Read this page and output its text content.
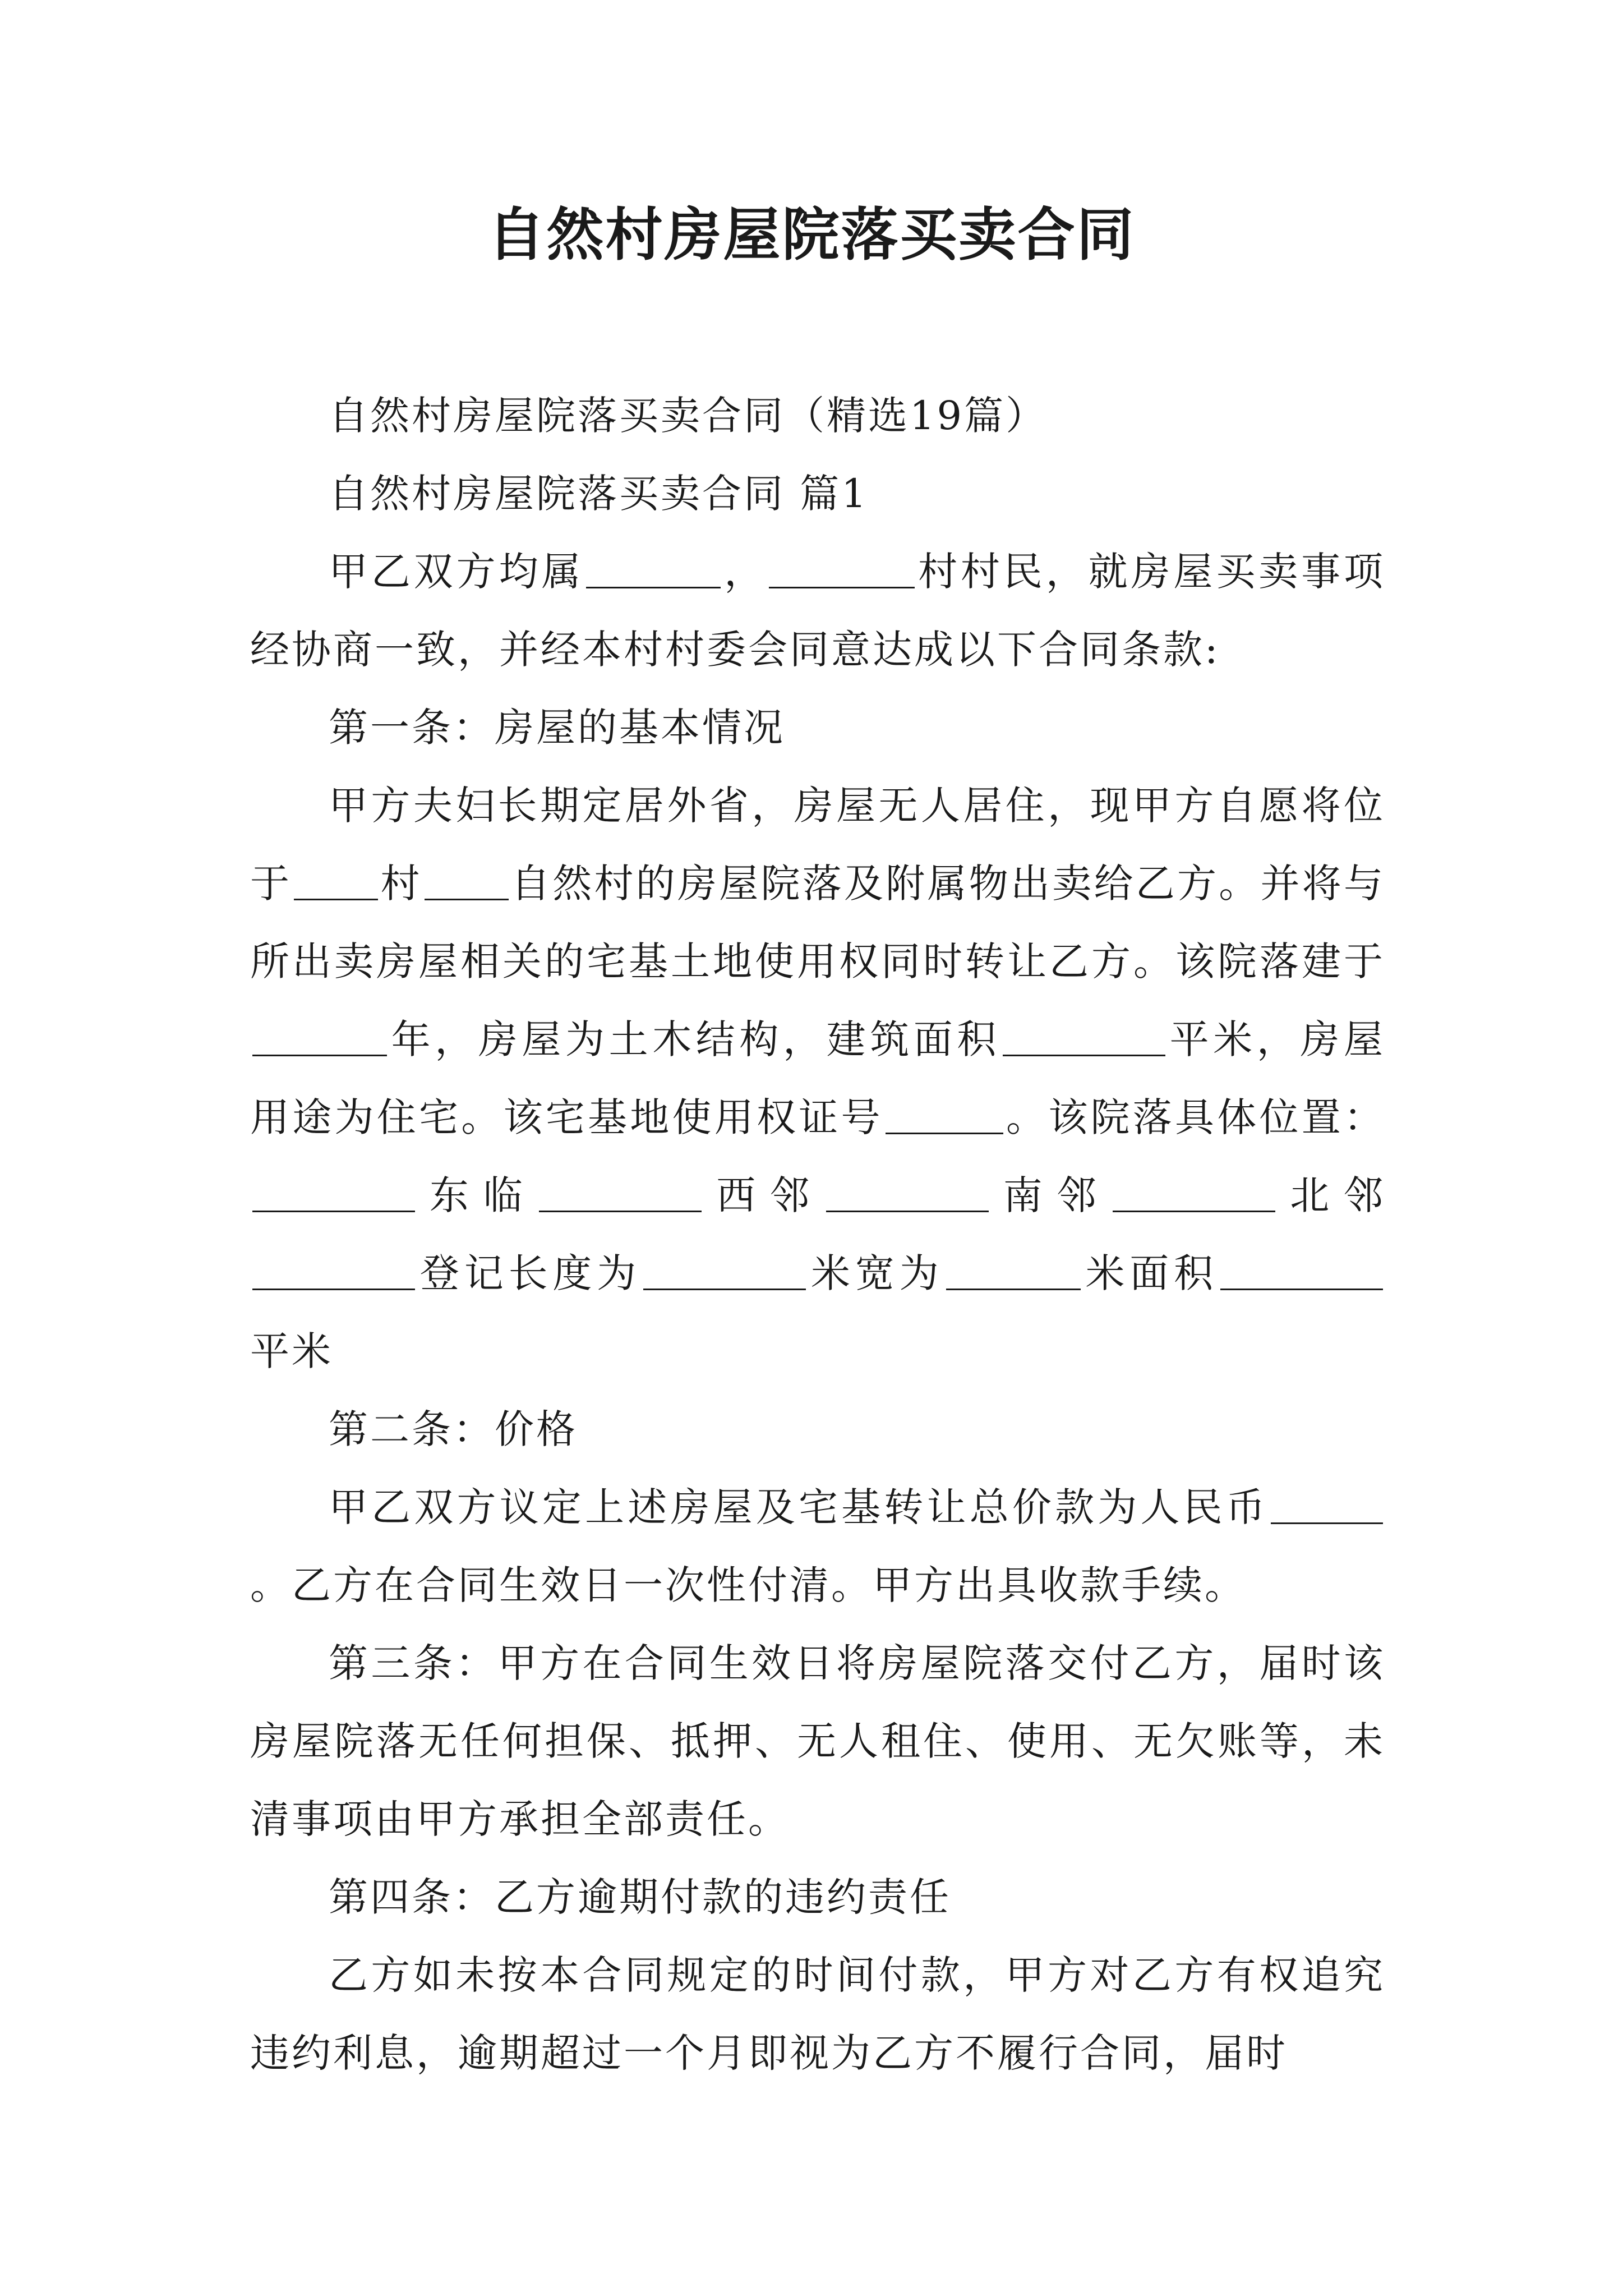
自然村房屋院落买卖合同

自然村房屋院落买卖合同（精选19篇）

自然村房屋院落买卖合同 篇1

甲乙双方均属	，	村村民，就房屋买卖事项经协商一致，并经本村村委会同意达成以下合同条款:

第一条：房屋的基本情况

甲方夫妇长期定居外省，房屋无人居住，现甲方自愿将位于 村 自然村的房屋院落及附属物出卖给乙方。并将与所出卖房屋相关的宅基土地使用权同时转让乙方。该院落建于年，房屋为土木结构，建筑面积	平米，房屋用途为住宅。该宅基地使用权证号	。该院落具体位置：东临	西邻	南邻	北邻登记长度为	米宽为	米面积平米

第二条：价格

甲乙双方议定上述房屋及宅基转让总价款为人民币。乙方在合同生效日一次性付清。甲方出具收款手续。

第三条：甲方在合同生效日将房屋院落交付乙方，届时该房屋院落无任何担保、抵押、无人租住、使用、无欠账等，未清事项由甲方承担全部责任。

第四条：乙方逾期付款的违约责任

乙方如未按本合同规定的时间付款，甲方对乙方有权追究违约利息，逾期超过一个月即视为乙方不履行合同，届时
